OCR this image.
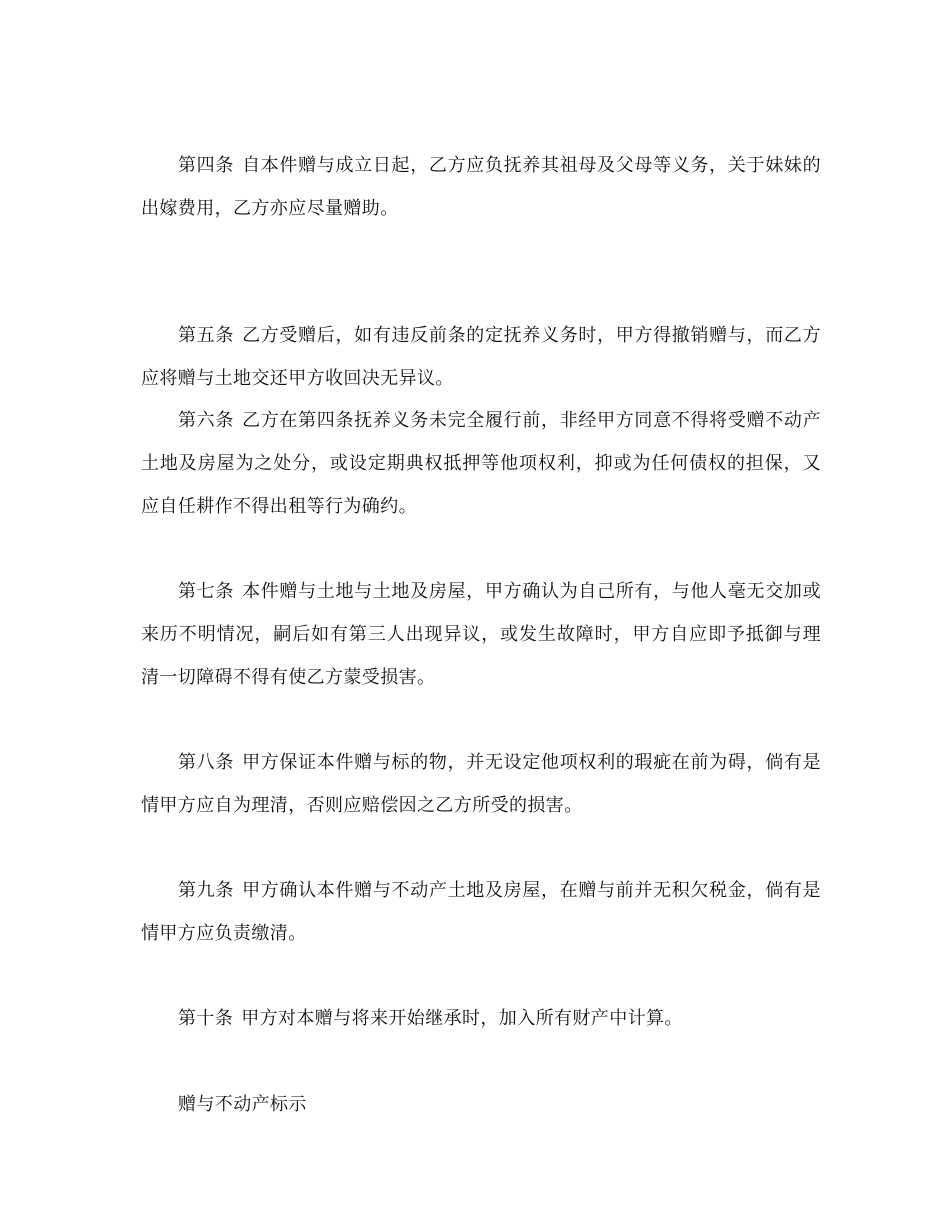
第四条 自本件赠与成立日起，乙方应负抚养其祖母及父母等义务，关于妹妹的出嫁费用，乙方亦应尽量赠助。

第五条 乙方受赠后，如有违反前条的定抚养义务时，甲方得撤销赠与，而乙方应将赠与土地交还甲方收回决无异议。

第六条 乙方在第四条抚养义务未完全履行前，非经甲方同意不得将受赠不动产土地及房屋为之处分，或设定期典权抵押等他项权利，抑或为任何债权的担保，又应自任耕作不得出租等行为确约。

第七条 本件赠与土地与土地及房屋，甲方确认为自己所有，与他人毫无交加或来历不明情况，嗣后如有第三人出现异议，或发生故障时，甲方自应即予抵御与理清一切障碍不得有使乙方蒙受损害。

第八条 甲方保证本件赠与标的物，并无设定他项权利的瑕疵在前为碍，倘有是情甲方应自为理清，否则应赔偿因之乙方所受的损害。

第九条 甲方确认本件赠与不动产土地及房屋，在赠与前并无积欠税金，倘有是情甲方应负责缴清。

第十条 甲方对本赠与将来开始继承时，加入所有财产中计算。

赠与不动产标示
